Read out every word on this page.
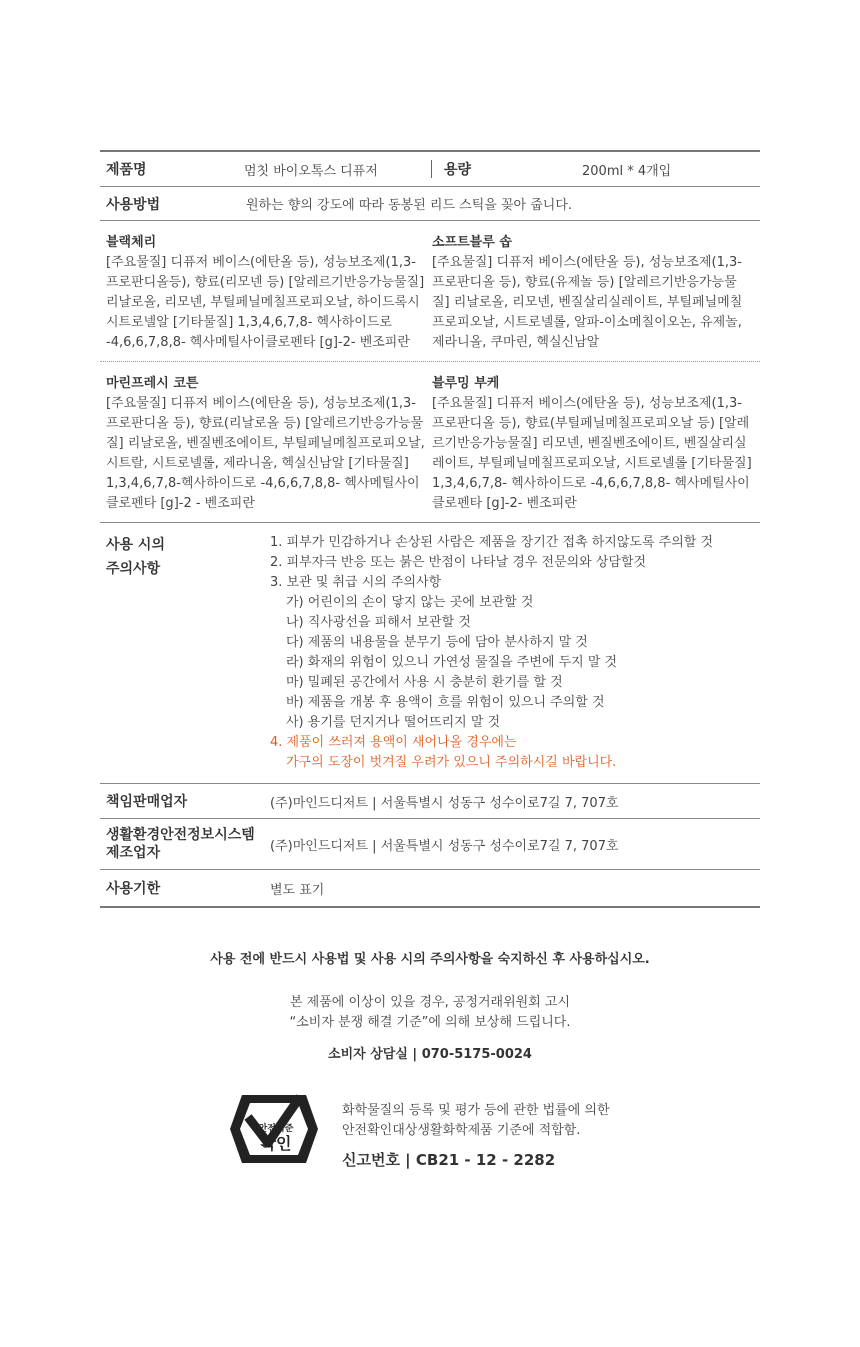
제품명	멈칫 바이오톡스 디퓨저	용량	200ml * 4개입
사용방법	원하는 향의 강도에 따라 동봉된 리드 스틱을 꽂아 줍니다.
블랙체리
[주요물질] 디퓨저 베이스(에탄올 등), 성능보조제(1,3-프로판디올등), 향료(리모넨 등) [알레르기반응가능물질] 리날로올, 리모넨, 부틸페닐메칠프로피오날, 하이드록시시트로넬알 [기타물질] 1,3,4,6,7,8- 헥사하이드로 -4,6,6,7,8,8- 헥사메틸사이클로펜타 [g]-2- 벤조피란
소프트블루 솝
[주요물질] 디퓨저 베이스(에탄올 등), 성능보조제(1,3-프로판디올 등), 향료(유제놀 등) [알레르기반응가능물질] 리날로올, 리모넨, 벤질살리실레이트, 부틸페닐메칠프로피오날, 시트로넬롤, 알파-이소메칠이오논, 유제놀, 제라니올, 쿠마린, 헥실신남알
마린프레시 코튼
[주요물질] 디퓨저 베이스(에탄올 등), 성능보조제(1,3-프로판디올 등), 향료(리날로올 등) [알레르기반응가능물질] 리날로올, 벤질벤조에이트, 부틸페닐메칠프로피오날, 시트랄, 시트로넬롤, 제라니올, 헥실신남알 [기타물질] 1,3,4,6,7,8-헥사하이드로 -4,6,6,7,8,8- 헥사메틸사이클로펜타 [g]-2 - 벤조피란
블루밍 부케
[주요물질] 디퓨저 베이스(에탄올 등), 성능보조제(1,3-프로판디올 등), 향료(부틸페닐메칠프로피오날 등) [알레르기반응가능물질] 리모넨, 벤질벤조에이트, 벤질살리실레이트, 부틸페닐메칠프로피오날, 시트로넬롤 [기타물질] 1,3,4,6,7,8- 헥사하이드로 -4,6,6,7,8,8- 헥사메틸사이클로펜타 [g]-2- 벤조피란
사용 시의
주의사항
1. 피부가 민감하거나 손상된 사람은 제품을 장기간 접촉 하지않도록 주의할 것
2. 피부자극 반응 또는 붉은 반점이 나타날 경우 전문의와 상담할것
3. 보관 및 취급 시의 주의사항
가) 어린이의 손이 닿지 않는 곳에 보관할 것
나) 직사광선을 피해서 보관할 것
다) 제품의 내용물을 분무기 등에 담아 분사하지 말 것
라) 화재의 위험이 있으니 가연성 물질을 주변에 두지 말 것
마) 밀폐된 공간에서 사용 시 충분히 환기를 할 것
바) 제품을 개봉 후 용액이 흐를 위험이 있으니 주의할 것
사) 용기를 던지거나 떨어뜨리지 말 것
4. 제품이 쓰러져 용액이 새어나올 경우에는
가구의 도장이 벗겨질 우려가 있으니 주의하시길 바랍니다.
책임판매업자	(주)마인드디저트 | 서울특별시 성동구 성수이로7길 7, 707호
생활환경안전정보시스템
제조업자	(주)마인드디저트 | 서울특별시 성동구 성수이로7길 7, 707호
사용기한	별도 표기
사용 전에 반드시 사용법 및 사용 시의 주의사항을 숙지하신 후 사용하십시오.
본 제품에 이상이 있을 경우, 공정거래위원회 고시
“소비자 분쟁 해결 기준”에 의해 보상해 드립니다.
소비자 상담실 | 070-5175-0024
안전기준
확인
화학물질의 등록 및 평가 등에 관한 법률에 의한
안전확인대상생활화학제품 기준에 적합함.
신고번호 | CB21 - 12 - 2282
